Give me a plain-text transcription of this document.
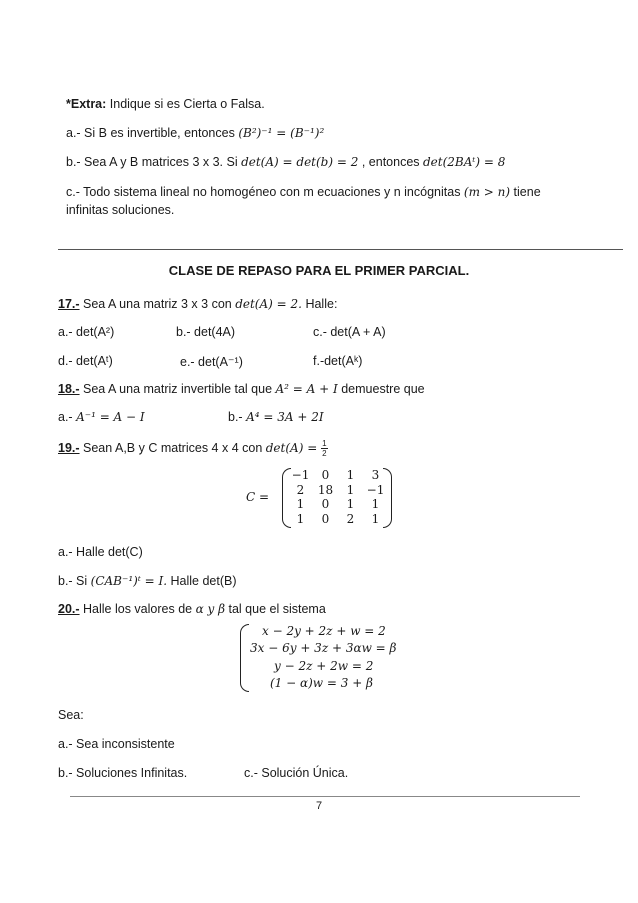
*Extra: Indique si es Cierta o Falsa.
a.- Si B es invertible, entonces (B²)⁻¹ = (B⁻¹)²
b.- Sea A y B matrices 3 x 3. Si det(A) = det(b) = 2 , entonces det(2BAᵗ) = 8
c.- Todo sistema lineal no homogéneo con m ecuaciones y n incógnitas (m > n) tiene
infinitas soluciones.
CLASE DE REPASO PARA EL PRIMER PARCIAL.
17.- Sea A una matriz 3 x 3 con det(A) = 2. Halle:
a.- det(A²)	b.- det(4A)	c.- det(A + A)
d.- det(Aᵗ)	e.- det(A⁻¹)	f.-det(Aᵏ)
18.- Sea A una matriz invertible tal que A² = A + I demuestre que
a.- A⁻¹ = A − I	b.- A⁴ = 3A + 2I
19.- Sean A,B y C matrices 4 x 4 con $\det(A) = \frac{1}{2}$
C =
−1	0	1	3
2	18	1	−1
1	0	1	1
1	0	2	1
a.- Halle det(C)
b.- Si (CAB⁻¹)ᵗ = I. Halle det(B)
20.- Halle los valores de α y β tal que el sistema
x − 2y + 2z + w = 2
3x − 6y + 3z + 3αw = β
y − 2z + 2w = 2
(1 − α)w = 3 + β
Sea:
a.- Sea inconsistente
b.- Soluciones Infinitas.	c.- Solución Única.
7
